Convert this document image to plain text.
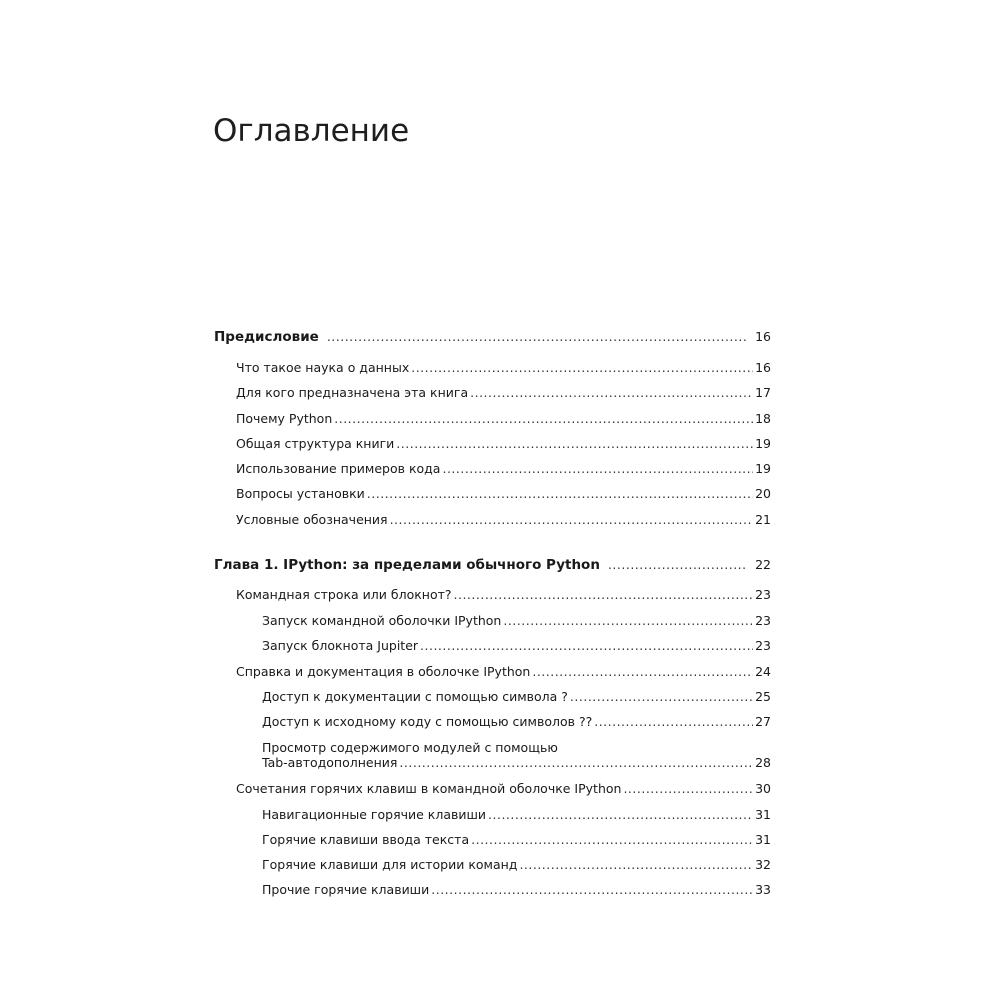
Оглавление
Предисловие .....	16
Что такое наука о данных .....	16
Для кого предназначена эта книга .....	17
Почему Python .....	18
Общая структура книги .....	19
Использование примеров кода .....	19
Вопросы установки .....	20
Условные обозначения .....	21
Глава 1. IPython: за пределами обычного Python .....	22
Командная строка или блокнот? .....	23
Запуск командной оболочки IPython .....	23
Запуск блокнота Jupiter .....	23
Справка и документация в оболочке IPython .....	24
Доступ к документации с помощью символа ? .....	25
Доступ к исходному коду с помощью символов ?? .....	27
Просмотр содержимого модулей с помощью
Tab-автодополнения .....	28
Сочетания горячих клавиш в командной оболочке IPython .....	30
Навигационные горячие клавиши .....	31
Горячие клавиши ввода текста .....	31
Горячие клавиши для истории команд .....	32
Прочие горячие клавиши .....	33
